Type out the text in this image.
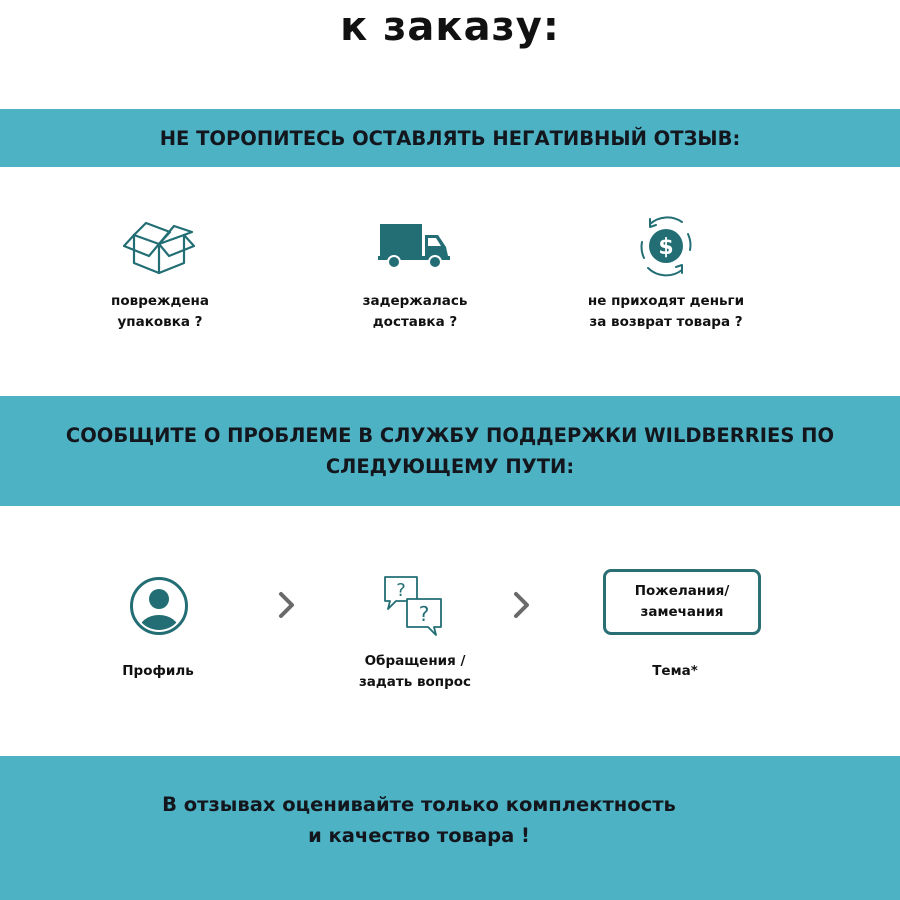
к заказу:
НЕ ТОРОПИТЕСЬ ОСТАВЛЯТЬ НЕГАТИВНЫЙ ОТЗЫВ:
повреждена
упаковка ?
задержалась
доставка ?
$
не приходят деньги
за возврат товара ?
СООБЩИТЕ О ПРОБЛЕМЕ В СЛУЖБУ ПОДДЕРЖКИ WILDBERRIES ПО СЛЕДУЮЩЕМУ ПУТИ:
Профиль
?
?
Обращения /
задать вопрос
Пожелания/
замечания
Тема*
В отзывах оценивайте только комплектность
и качество товара !
